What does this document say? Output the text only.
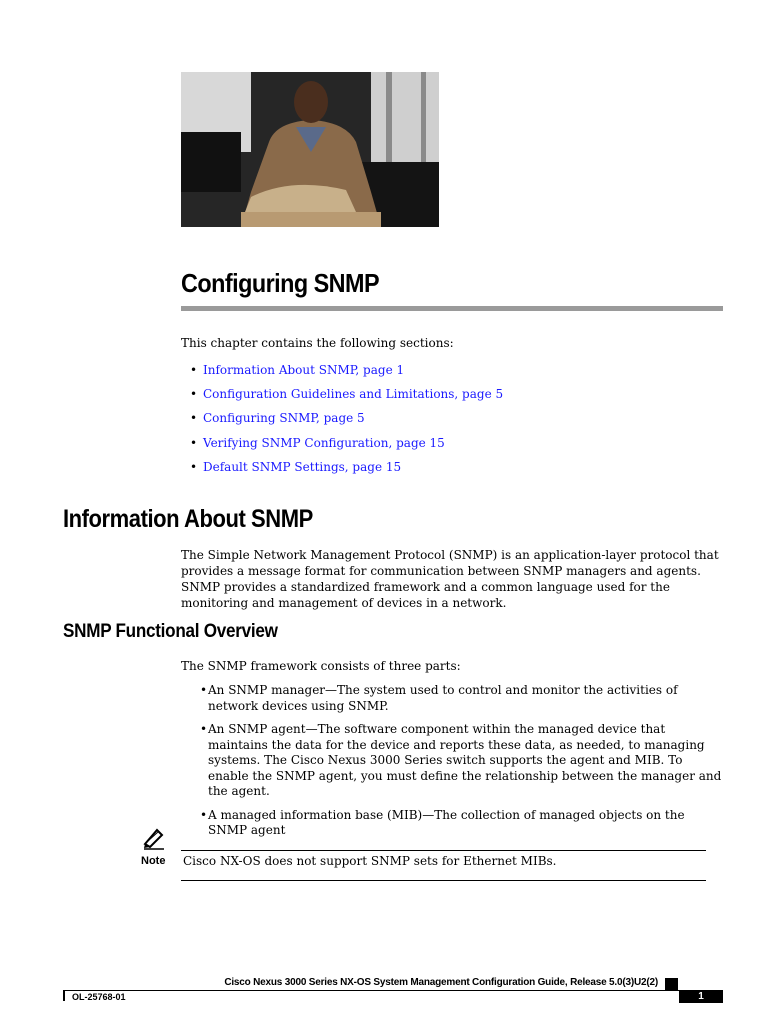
Configuring SNMP

This chapter contains the following sections:

• Information About SNMP, page 1
• Configuration Guidelines and Limitations, page 5
• Configuring SNMP, page 5
• Verifying SNMP Configuration, page 15
• Default SNMP Settings, page 15
Information About SNMP

The Simple Network Management Protocol (SNMP) is an application-layer protocol that provides a message format for communication between SNMP managers and agents. SNMP provides a standardized framework and a common language used for the monitoring and management of devices in a network.

SNMP Functional Overview

The SNMP framework consists of three parts:

• An SNMP manager—The system used to control and monitor the activities of network devices using SNMP.
• An SNMP agent—The software component within the managed device that maintains the data for the device and reports these data, as needed, to managing systems. The Cisco Nexus 3000 Series switch supports the agent and MIB. To enable the SNMP agent, you must define the relationship between the manager and the agent.
• A managed information base (MIB)—The collection of managed objects on the SNMP agent
Note Cisco NX-OS does not support SNMP sets for Ethernet MIBs.

Cisco Nexus 3000 Series NX-OS System Management Configuration Guide, Release 5.0(3)U2(2)
OL-25768-01	1
